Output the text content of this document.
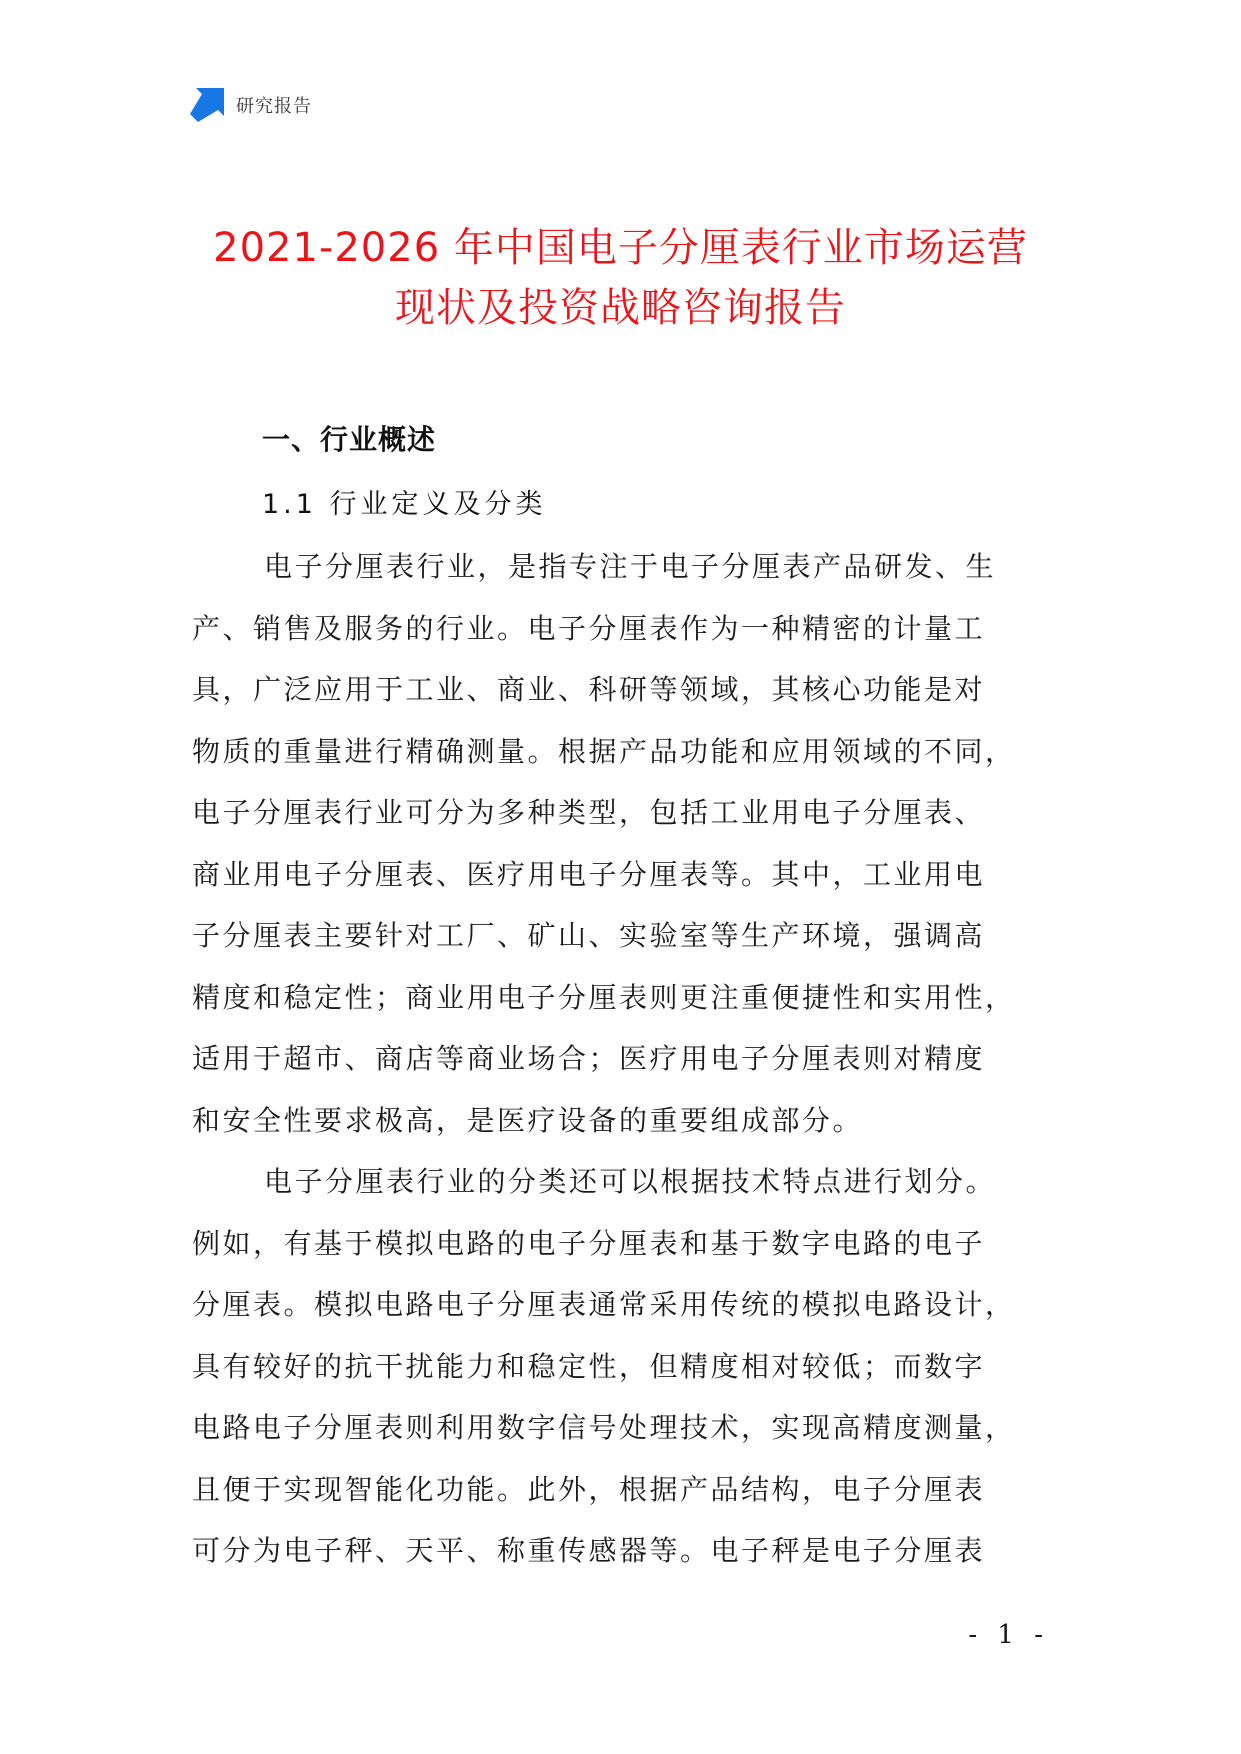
研究报告
2021-2026 年中国电子分厘表行业市场运营
现状及投资战略咨询报告
一、行业概述
1.1 行业定义及分类
电子分厘表行业，是指专注于电子分厘表产品研发、生
产、销售及服务的行业。电子分厘表作为一种精密的计量工
具，广泛应用于工业、商业、科研等领域，其核心功能是对
物质的重量进行精确测量。根据产品功能和应用领域的不同，
电子分厘表行业可分为多种类型，包括工业用电子分厘表、
商业用电子分厘表、医疗用电子分厘表等。其中，工业用电
子分厘表主要针对工厂、矿山、实验室等生产环境，强调高
精度和稳定性；商业用电子分厘表则更注重便捷性和实用性，
适用于超市、商店等商业场合；医疗用电子分厘表则对精度
和安全性要求极高，是医疗设备的重要组成部分。
电子分厘表行业的分类还可以根据技术特点进行划分。
例如，有基于模拟电路的电子分厘表和基于数字电路的电子
分厘表。模拟电路电子分厘表通常采用传统的模拟电路设计，
具有较好的抗干扰能力和稳定性，但精度相对较低；而数字
电路电子分厘表则利用数字信号处理技术，实现高精度测量，
且便于实现智能化功能。此外，根据产品结构，电子分厘表
可分为电子秤、天平、称重传感器等。电子秤是电子分厘表
- 1 -
